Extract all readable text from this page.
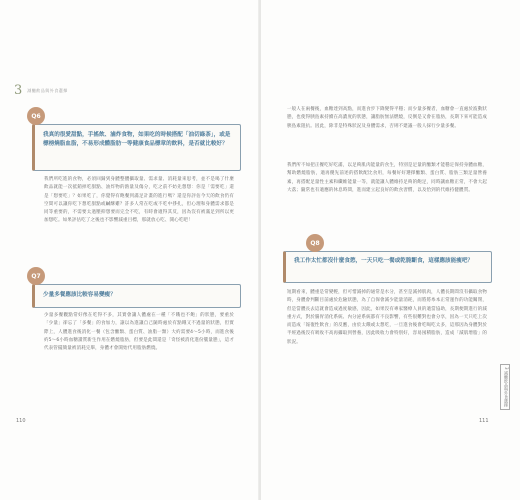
3 減醣飲品與外食選擇
我真的很愛甜點，手搖飲、滷炸食物，如果吃的時候搭配「油切綠茶」，或是標榜燒脂血脂，不易形成體脂肪一等健康食品標章的飲料，是否就比較好？
Q6
我們所吃進的食物，必須回歸到身體整體攝取量、需求量、消耗量來思考，並不是喝了什麼飲品就能一次抵銷掉吃甜點、油炸物的熱量及傷分，吃之前不妨先想想：你是「需要吃」還是「想要吃」？如果吃了，你覺得有飽餐到滿足計畫的進行嗎？還是你評估今天的飲食仍有空間可以讓你吃下想吃甜點或鹹酥雞？許多人常在吃或不吃中掙扎，但心理和身體需求都是同等重要的，不需要太過壓抑想要而完全不吃，有時會適得其反，因為沒有被滿足到所以更加想吃。如果評估吃了之後也不影響減重目標，那就放心吃、開心吃吧！
少量多餐應該比較容易變瘦？
Q7
少量多餐觀點常好像在吃得不多，其實會讓人體處在一種「不餓也不飽」的狀態，要重於「少量」卻忘了「多餐」的食加力，譲以為進讓自己隨時處於有點餓又不過量的狀態，但實際上，人體進食後消化一餐（包含醣類、蛋白質、油脂一類）大約需要4～5小時，而進食後約5～6小時血糖讀質新生作用在燃燒脂肪，但要是此間還是「奇怪被消化進份壟量態」，這才代表管擺簡量被消耗完畢，身體才會開始代用脂肪燃燒。
110
一般人在兩餐後，血糖達到高點，而進食步下降變得平穩；而少量多餐者，血糖會一直處於波動狀態，也使得胰島素持續在高濃度的狀態，讓脂肪無法燃燒，反倒是又會在脂肪，長期下來可能造成胰島素阻抗。因此，除非是特殊狀況及身體需求，否則不建議一般人採行少量多餐。
我們所不如把正餐吃好吃滿，以足夠肌肉能量的食生，特別是足量的醣類才能穩定保持身體血糖，幫助燃燒脂肪，適再優先前述的搭飲配比食用，每餐好好選擇醣類、蛋白質、脂肪三類足量營養素，再搭配足量性主素和纖維能量一等，就能讓人體維持足夠的飽足，同時讓血糖正常，不會大起大落；隨常也有適應的休息時間，進而建立起良好的飲食習慣，以及恰到的代維持健體質。
我工作太忙都沒什麼食慾，一天只吃一餐或乾脆斷食，這樣應該能瘦吧？
Q8
短期看來，體重是常變輕，但可惜減掉的通常是水分，甚至是減掉肌肉，人體長期間沒有攝取食物時，身體會判斷目前處於危險狀態，為了自保會減少能量消耗，而將將糸本正常運作的功能關閉，但是當體長去這就會造成過度敏感，因此，如果沒有專家醫療人員的適當協助，長期便期進行的減重方式，對於腸胃消化系統、內分泌系統都有不良影響，有些很難對也會分享，因為一天只吃上次而造成「報復性飲食」的反應，由於太餓或太想吃，一旦進食後會吃喝吃太多，這那因為身體對於半經過後沒有吸收不高再攝取到營養，因此吸收力會特別好，容易囤積脂肪，造成「減肌增脂」的狀況。
111
3 減醣飲品與外食選擇
